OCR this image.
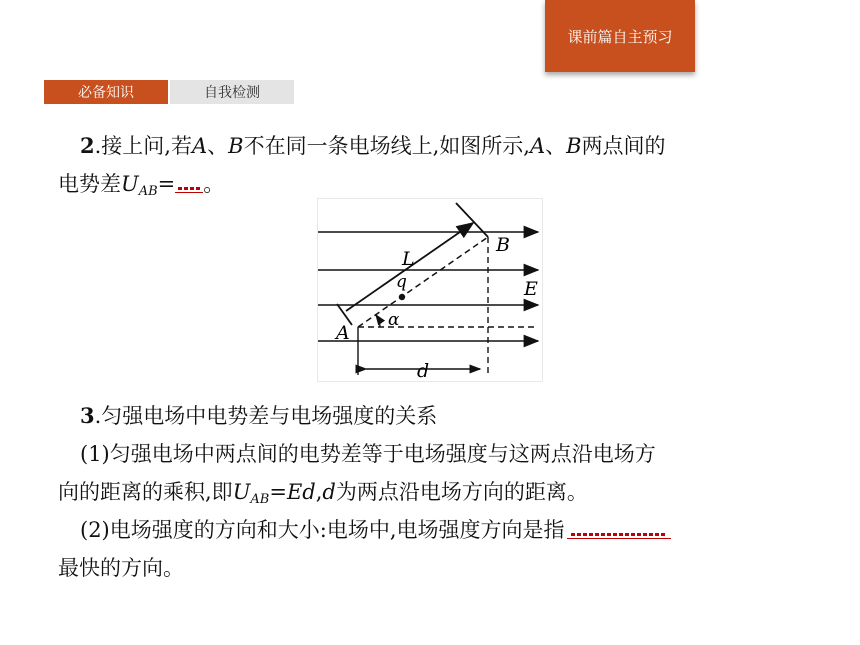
课前篇自主预习
必备知识	自我检测
2.接上问,若A、B不在同一条电场线上,如图所示,A、B两点间的
电势差$U_{AB}=$ 。
L
B
q	E
A
α
d
3.匀强电场中电势差与电场强度的关系
(1)匀强电场中两点间的电势差等于电场强度与这两点沿电场方
向的距离的乘积,即$U_{AB}=Ed,d$为两点沿电场方向的距离。
(2)电场强度的方向和大小:电场中,电场强度方向是指
最快的方向。
